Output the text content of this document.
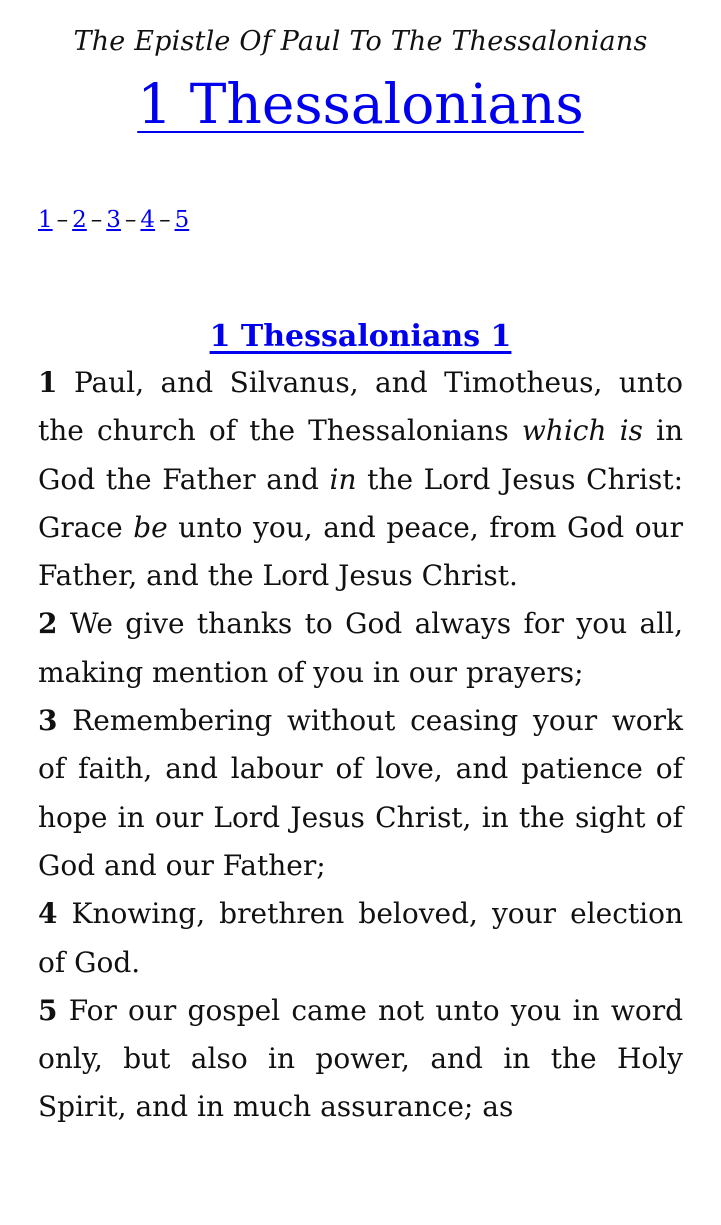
The Epistle Of Paul To The Thessalonians

1 Thessalonians
1 – 2 – 3 – 4 – 5
1 Thessalonians 1

1 Paul, and Silvanus, and Timotheus, unto the church of the Thessalonians which is in God the Father and in the Lord Jesus Christ: Grace be unto you, and peace, from God our Father, and the Lord Jesus Christ.

2 We give thanks to God always for you all, making mention of you in our prayers;

3 Remembering without ceasing your work of faith, and labour of love, and patience of hope in our Lord Jesus Christ, in the sight of God and our Father;

4 Knowing, brethren beloved, your election of God.

5 For our gospel came not unto you in word only, but also in power, and in the Holy Spirit, and in much assurance; as
